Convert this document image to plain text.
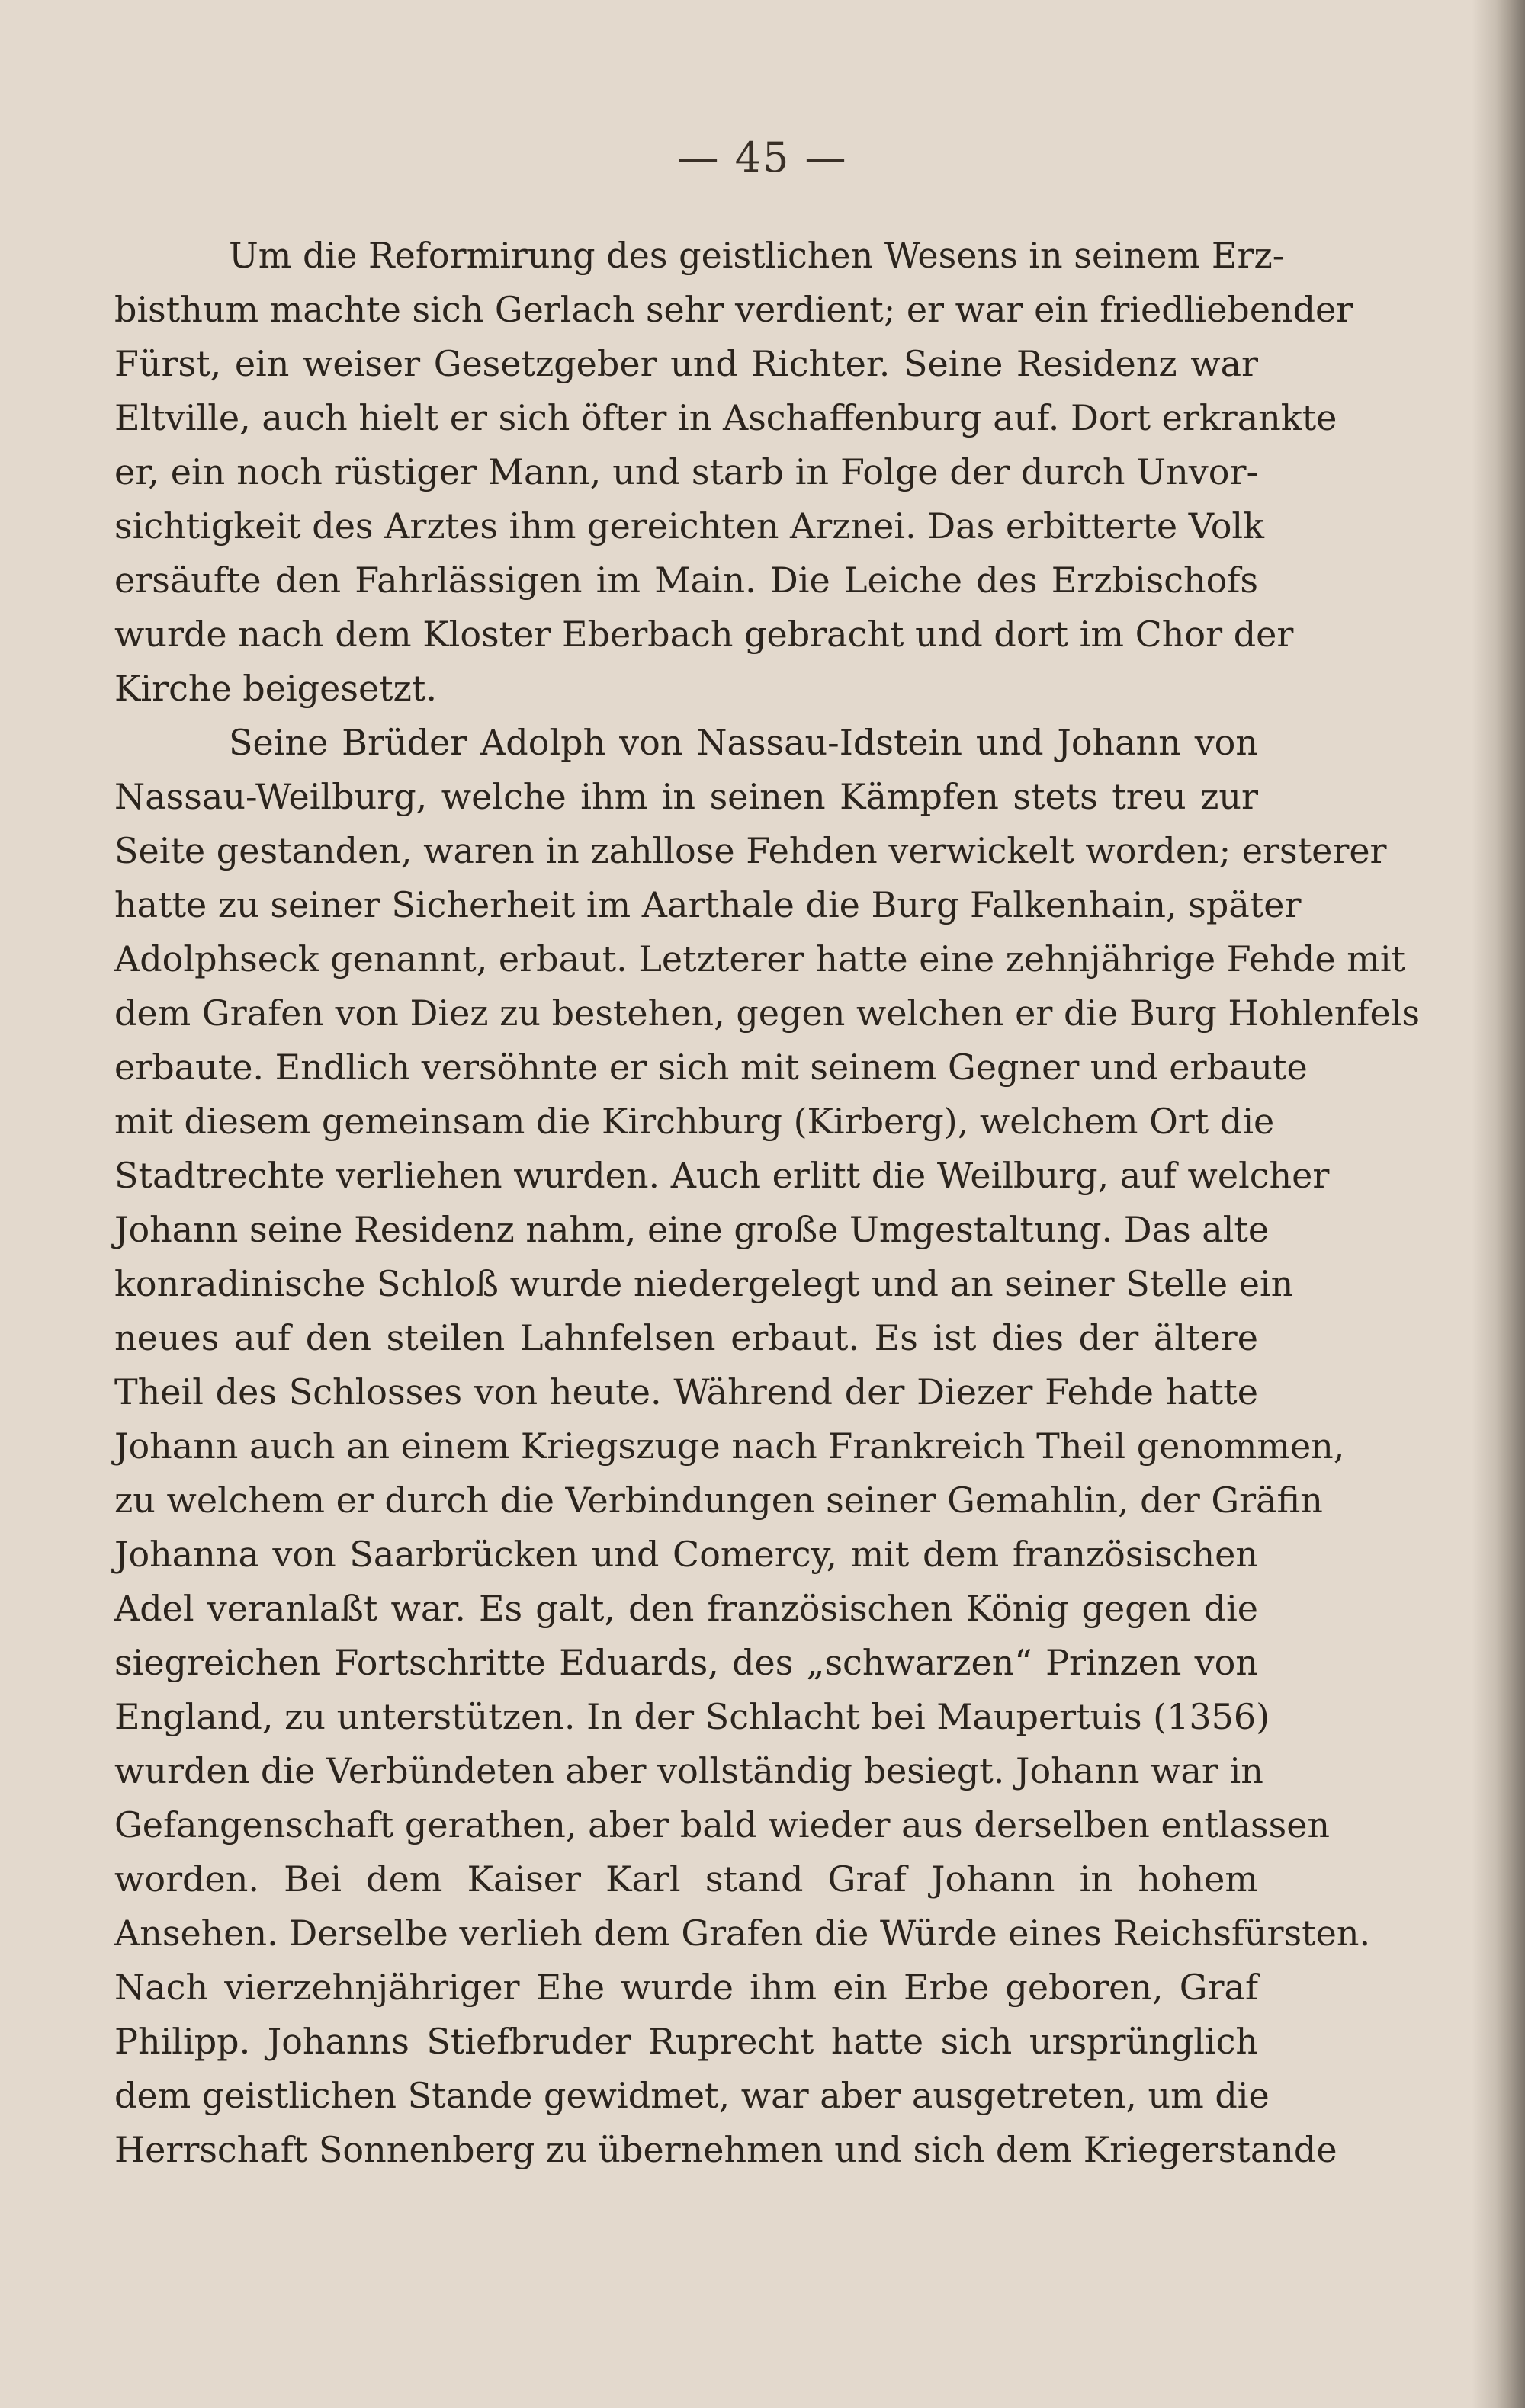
— 45 —
Um die Reformirung des geistlichen Wesens in seinem Erz-
bisthum machte sich Gerlach sehr verdient; er war ein friedliebender
Fürst, ein weiser Gesetzgeber und Richter. Seine Residenz war
Eltville, auch hielt er sich öfter in Aschaffenburg auf. Dort erkrankte
er, ein noch rüstiger Mann, und starb in Folge der durch Unvor-
sichtigkeit des Arztes ihm gereichten Arznei. Das erbitterte Volk
ersäufte den Fahrlässigen im Main. Die Leiche des Erzbischofs
wurde nach dem Kloster Eberbach gebracht und dort im Chor der
Kirche beigesetzt.
Seine Brüder Adolph von Nassau-Idstein und Johann von
Nassau-Weilburg, welche ihm in seinen Kämpfen stets treu zur
Seite gestanden, waren in zahllose Fehden verwickelt worden; ersterer
hatte zu seiner Sicherheit im Aarthale die Burg Falkenhain, später
Adolphseck genannt, erbaut. Letzterer hatte eine zehnjährige Fehde mit
dem Grafen von Diez zu bestehen, gegen welchen er die Burg Hohlenfels
erbaute. Endlich versöhnte er sich mit seinem Gegner und erbaute
mit diesem gemeinsam die Kirchburg (Kirberg), welchem Ort die
Stadtrechte verliehen wurden. Auch erlitt die Weilburg, auf welcher
Johann seine Residenz nahm, eine große Umgestaltung. Das alte
konradinische Schloß wurde niedergelegt und an seiner Stelle ein
neues auf den steilen Lahnfelsen erbaut. Es ist dies der ältere
Theil des Schlosses von heute. Während der Diezer Fehde hatte
Johann auch an einem Kriegszuge nach Frankreich Theil genommen,
zu welchem er durch die Verbindungen seiner Gemahlin, der Gräfin
Johanna von Saarbrücken und Comercy, mit dem französischen
Adel veranlaßt war. Es galt, den französischen König gegen die
siegreichen Fortschritte Eduards, des „schwarzen“ Prinzen von
England, zu unterstützen. In der Schlacht bei Maupertuis (1356)
wurden die Verbündeten aber vollständig besiegt. Johann war in
Gefangenschaft gerathen, aber bald wieder aus derselben entlassen
worden. Bei dem Kaiser Karl stand Graf Johann in hohem
Ansehen. Derselbe verlieh dem Grafen die Würde eines Reichsfürsten.
Nach vierzehnjähriger Ehe wurde ihm ein Erbe geboren, Graf
Philipp. Johanns Stiefbruder Ruprecht hatte sich ursprünglich
dem geistlichen Stande gewidmet, war aber ausgetreten, um die
Herrschaft Sonnenberg zu übernehmen und sich dem Kriegerstande
